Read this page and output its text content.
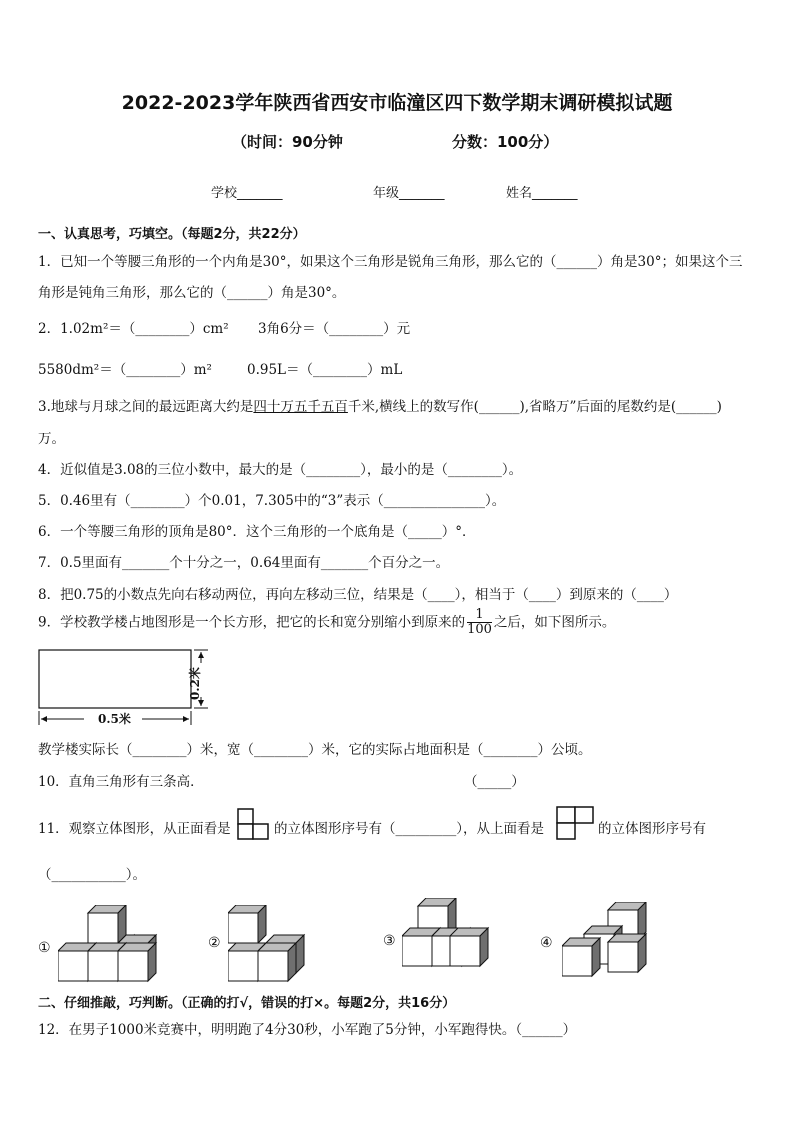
2022-2023学年陕西省西安市临潼区四下数学期末调研模拟试题
（时间：90分钟	分数：100分）
学校_______	年级_______	姓名_______
一、认真思考，巧填空。（每题2分，共22分）
1．已知一个等腰三角形的一个内角是30°，如果这个三角形是锐角三角形，那么它的（______）角是30°；如果这个三
角形是钝角三角形，那么它的（______）角是30°。
2．1.02m²＝（________）cm² 3角6分＝（________）元
5580dm²＝（________）m²	0.95L＝（________）mL
3.地球与月球之间的最远距离大约是四十万五千五百千米,横线上的数写作(______),省略万”后面的尾数约是(______)
万。
4．近似值是3.08的三位小数中，最大的是（________），最小的是（________）。
5．0.46里有（________）个0.01，7.305中的“3”表示（_______________）。
6．一个等腰三角形的顶角是80°．这个三角形的一个底角是（_____）°．
7．0.5里面有_______个十分之一，0.64里面有_______个百分之一。
8．把0.75的小数点先向右移动两位，再向左移动三位，结果是（____），相当于（____）到原来的（____）
9．学校教学楼占地图形是一个长方形，把它的长和宽分别缩小到原来的 $\frac{1}{100}$ 之后，如下图所示。
0.5米
0.2米
教学楼实际长（________）米，宽（________）米，它的实际占地面积是（________）公顷。
10．直角三角形有三条高．	（_____）
11．观察立体图形，从正面看是	的立体图形序号有（_________），从上面看是	的立体图形序号有
（___________）。
①	②	③	④
二、仔细推敲，巧判断。（正确的打√，错误的打×。每题2分，共16分）
12．在男子1000米竞赛中，明明跑了4分30秒，小军跑了5分钟，小军跑得快。（______）
